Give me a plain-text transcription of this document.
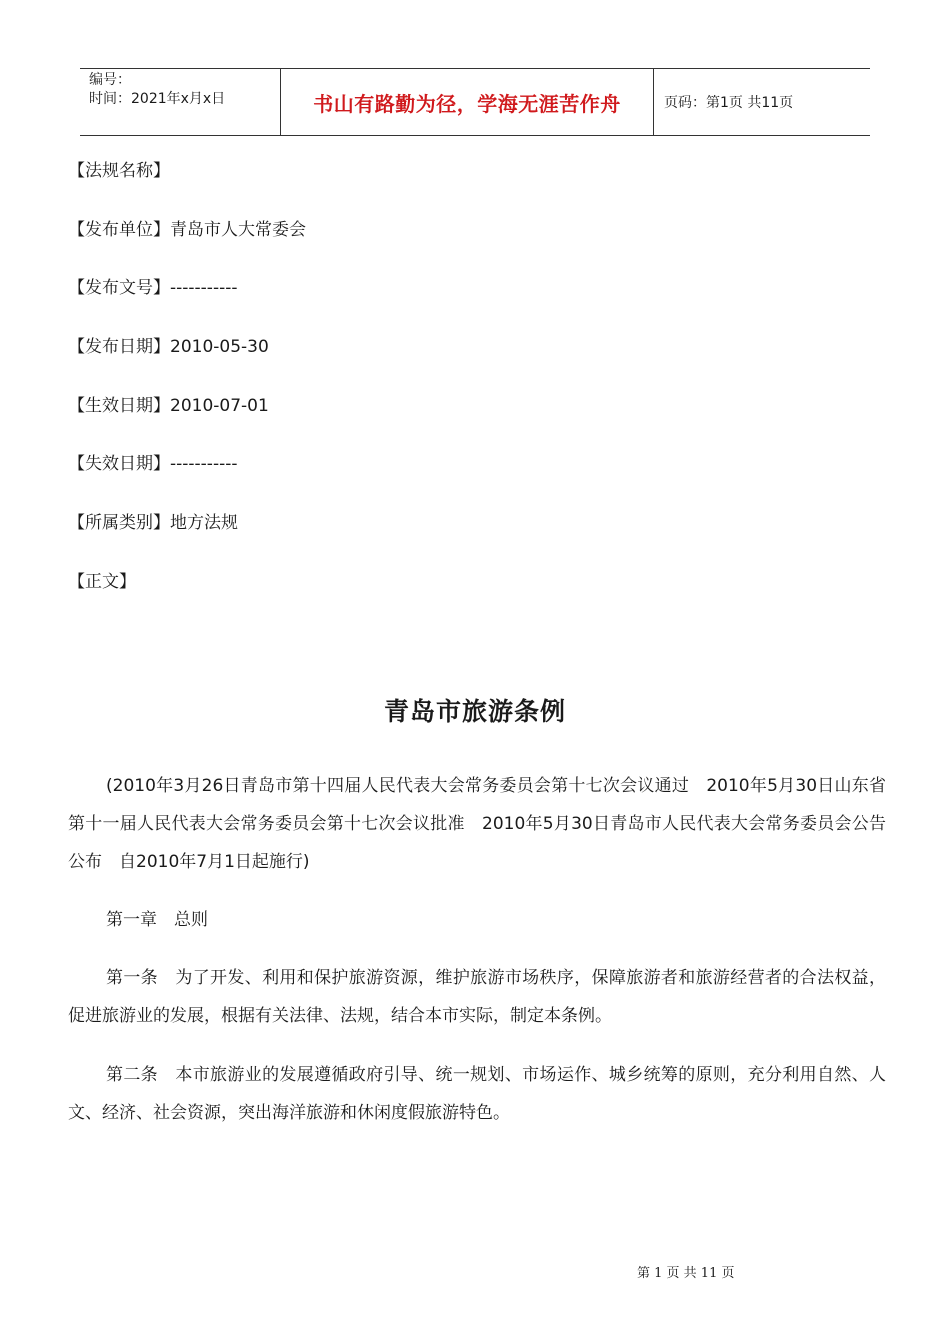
编号：
时间：2021年x月x日	书山有路勤为径，学海无涯苦作舟	页码：第1页 共11页
【法规名称】
【发布单位】青岛市人大常委会
【发布文号】-----------
【发布日期】2010-05-30
【生效日期】2010-07-01
【失效日期】-----------
【所属类别】地方法规
【正文】
青岛市旅游条例
(2010年3月26日青岛市第十四届人民代表大会常务委员会第十七次会议通过　2010年5月30日山东省第十一届人民代表大会常务委员会第十七次会议批准　2010年5月30日青岛市人民代表大会常务委员会公告公布　自2010年7月1日起施行)
第一章　总则
第一条　为了开发、利用和保护旅游资源，维护旅游市场秩序，保障旅游者和旅游经营者的合法权益，促进旅游业的发展，根据有关法律、法规，结合本市实际，制定本条例。
第二条　本市旅游业的发展遵循政府引导、统一规划、市场运作、城乡统筹的原则，充分利用自然、人文、经济、社会资源，突出海洋旅游和休闲度假旅游特色。
第 1 页 共 11 页
